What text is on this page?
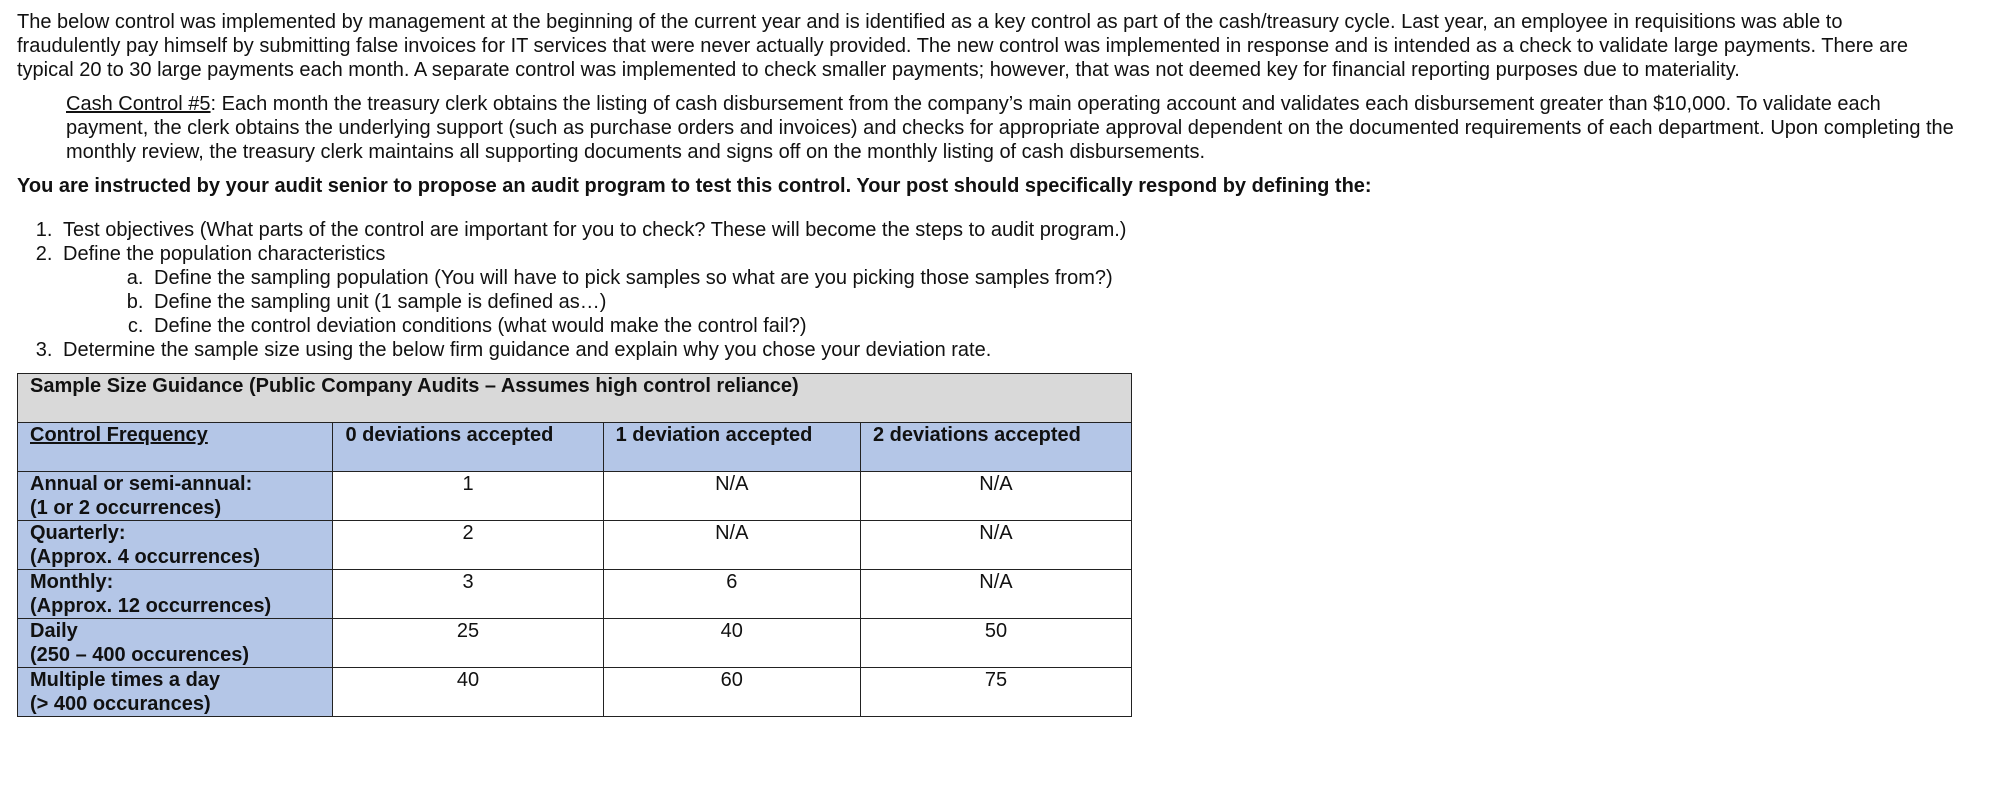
The below control was implemented by management at the beginning of the current year and is identified as a key control as part of the cash/treasury cycle. Last year, an employee in requisitions was able to fraudulently pay himself by submitting false invoices for IT services that were never actually provided. The new control was implemented in response and is intended as a check to validate large payments. There are typical 20 to 30 large payments each month. A separate control was implemented to check smaller payments; however, that was not deemed key for financial reporting purposes due to materiality.

Cash Control #5: Each month the treasury clerk obtains the listing of cash disbursement from the company’s main operating account and validates each disbursement greater than $10,000. To validate each payment, the clerk obtains the underlying support (such as purchase orders and invoices) and checks for appropriate approval dependent on the documented requirements of each department. Upon completing the monthly review, the treasury clerk maintains all supporting documents and signs off on the monthly listing of cash disbursements.

You are instructed by your audit senior to propose an audit program to test this control. Your post should specifically respond by defining the:

1. Test objectives (What parts of the control are important for you to check? These will become the steps to audit program.)
2. Define the population characteristics
a. Define the sampling population (You will have to pick samples so what are you picking those samples from?)
b. Define the sampling unit (1 sample is defined as…)
c. Define the control deviation conditions (what would make the control fail?)
3. Determine the sample size using the below firm guidance and explain why you chose your deviation rate.
Sample Size Guidance (Public Company Audits – Assumes high control reliance)			
Control Frequency	0 deviations accepted	1 deviation accepted	2 deviations accepted
Annual or semi-annual:
(1 or 2 occurrences)	1	N/A	N/A
Quarterly:
(Approx. 4 occurrences)	2	N/A	N/A
Monthly:
(Approx. 12 occurrences)	3	6	N/A
Daily
(250 – 400 occurences)	25	40	50
Multiple times a day
(> 400 occurances)	40	60	75
